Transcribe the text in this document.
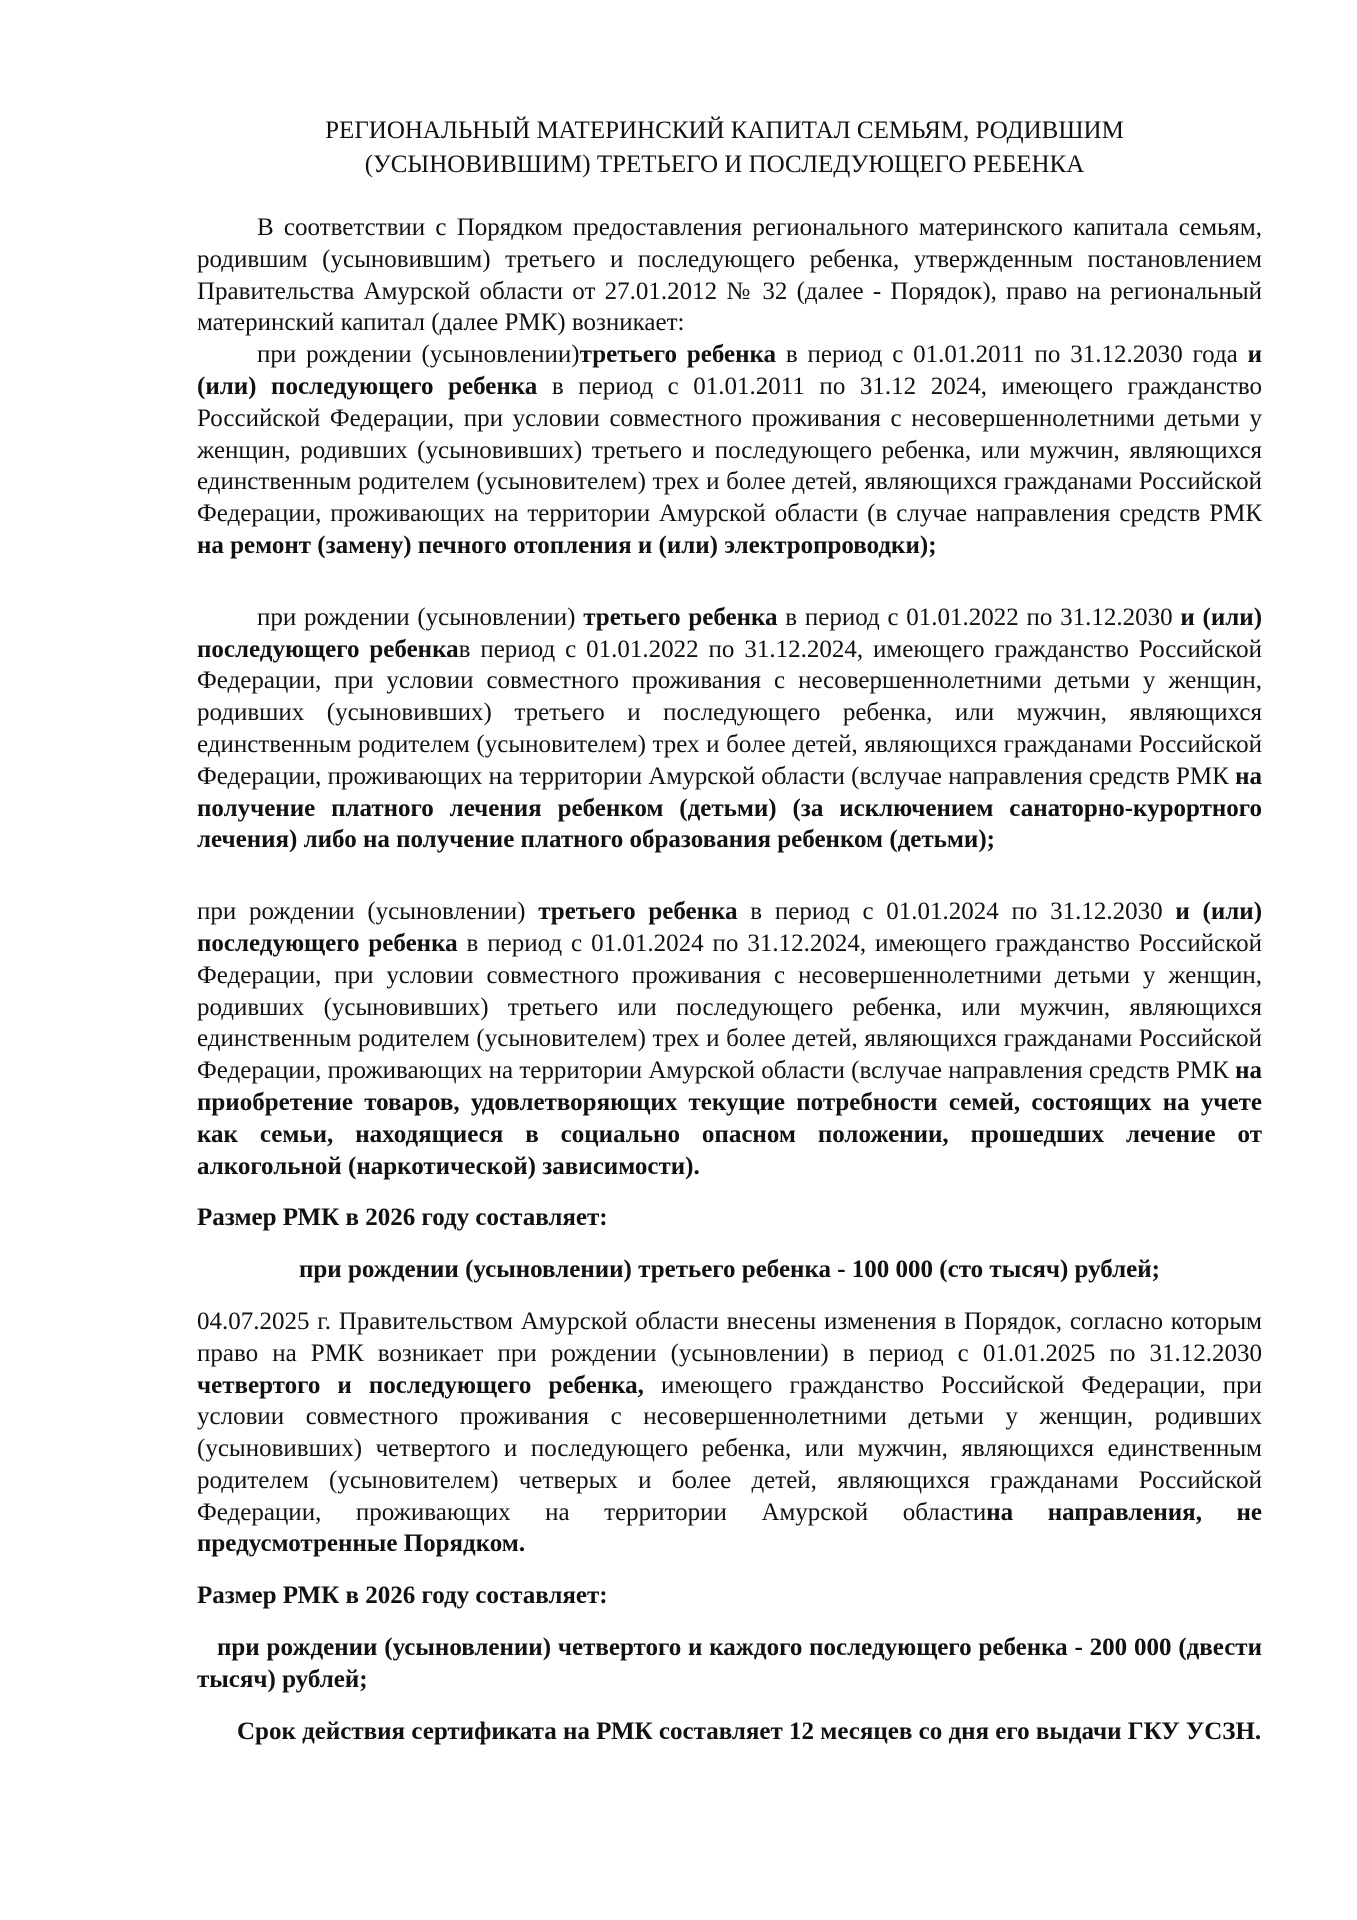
РЕГИОНАЛЬНЫЙ МАТЕРИНСКИЙ КАПИТАЛ СЕМЬЯМ, РОДИВШИМ
(УСЫНОВИВШИМ) ТРЕТЬЕГО И ПОСЛЕДУЮЩЕГО РЕБЕНКА

В соответствии с Порядком предоставления регионального материнского капитала семьям, родившим (усыновившим) третьего и последующего ребенка, утвержденным постановлением Правительства Амурской области от 27.01.2012 № 32 (далее - Порядок), право на региональный материнский капитал (далее РМК) возникает:

при рождении (усыновлении)третьего ребенка в период с 01.01.2011 по 31.12.2030 года и (или) последующего ребенка в период с 01.01.2011 по 31.12 2024, имеющего гражданство Российской Федерации, при условии совместного проживания с несовершеннолетними детьми у женщин, родивших (усыновивших) третьего и последующего ребенка, или мужчин, являющихся единственным родителем (усыновителем) трех и более детей, являющихся гражданами Российской Федерации, проживающих на территории Амурской области (в случае направления средств РМК на ремонт (замену) печного отопления и (или) электропроводки);

при рождении (усыновлении) третьего ребенка в период с 01.01.2022 по 31.12.2030 и (или) последующего ребенкав период с 01.01.2022 по 31.12.2024, имеющего гражданство Российской Федерации, при условии совместного проживания с несовершеннолетними детьми у женщин, родивших (усыновивших) третьего и последующего ребенка, или мужчин, являющихся единственным родителем (усыновителем) трех и более детей, являющихся гражданами Российской Федерации, проживающих на территории Амурской области (вслучае направления средств РМК на получение платного лечения ребенком (детьми) (за исключением санаторно-курортного лечения) либо на получение платного образования ребенком (детьми);

при рождении (усыновлении) третьего ребенка в период с 01.01.2024 по 31.12.2030 и (или) последующего ребенка в период с 01.01.2024 по 31.12.2024, имеющего гражданство Российской Федерации, при условии совместного проживания с несовершеннолетними детьми у женщин, родивших (усыновивших) третьего или последующего ребенка, или мужчин, являющихся единственным родителем (усыновителем) трех и более детей, являющихся гражданами Российской Федерации, проживающих на территории Амурской области (вслучае направления средств РМК на приобретение товаров, удовлетворяющих текущие потребности семей, состоящих на учете как семьи, находящиеся в социально опасном положении, прошедших лечение от алкогольной (наркотической) зависимости).

Размер РМК в 2026 году составляет:

при рождении (усыновлении) третьего ребенка - 100 000 (сто тысяч) рублей;

04.07.2025 г. Правительством Амурской области внесены изменения в Порядок, согласно которым право на РМК возникает при рождении (усыновлении) в период с 01.01.2025 по 31.12.2030 четвертого и последующего ребенка, имеющего гражданство Российской Федерации, при условии совместного проживания с несовершеннолетними детьми у женщин, родивших (усыновивших) четвертого и последующего ребенка, или мужчин, являющихся единственным родителем (усыновителем) четверых и более детей, являющихся гражданами Российской Федерации, проживающих на территории Амурской областина направления, не предусмотренные Порядком.

Размер РМК в 2026 году составляет:

при рождении (усыновлении) четвертого и каждого последующего ребенка - 200 000 (двести тысяч) рублей;

Срок действия сертификата на РМК составляет 12 месяцев со дня его выдачи ГКУ УСЗН.
